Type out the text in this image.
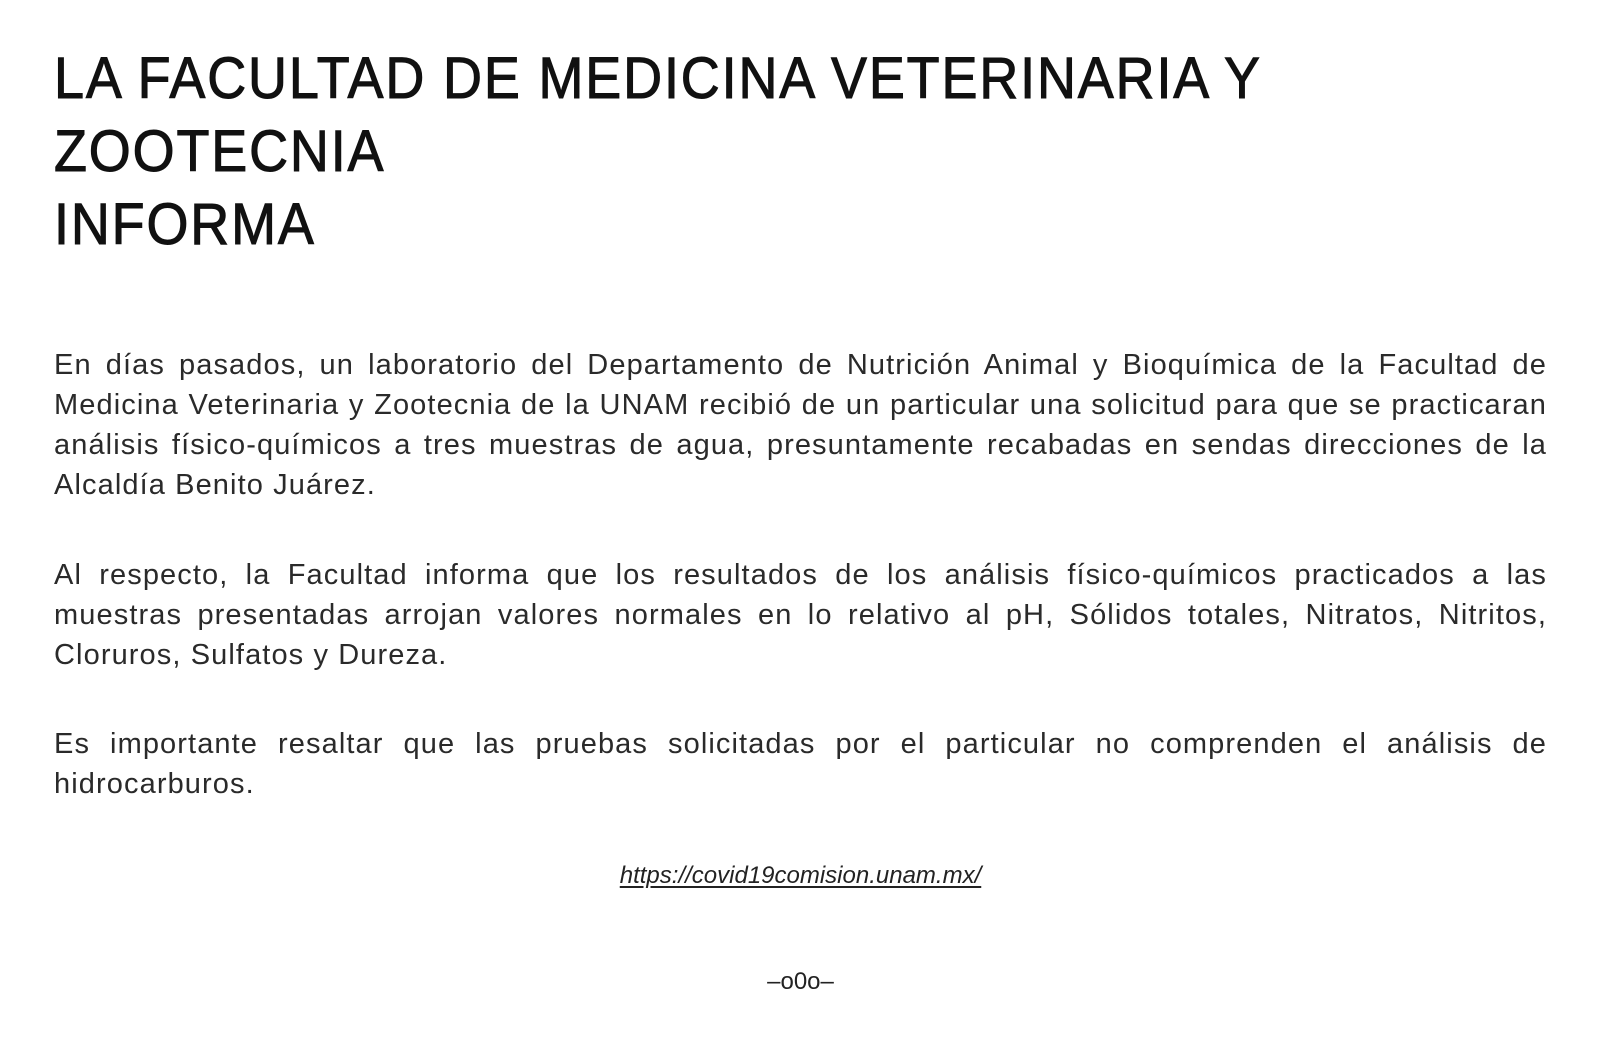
LA FACULTAD DE MEDICINA VETERINARIA Y
ZOOTECNIA
INFORMA

En días pasados, un laboratorio del Departamento de Nutrición Animal y Bioquímica de la Facultad de Medicina Veterinaria y Zootecnia de la UNAM recibió de un particular una solicitud para que se practicaran análisis físico-químicos a tres muestras de agua, presuntamente recabadas en sendas direcciones de la Alcaldía Benito Juárez.

Al respecto, la Facultad informa que los resultados de los análisis físico-químicos practicados a las muestras presentadas arrojan valores normales en lo relativo al pH, Sólidos totales, Nitratos, Nitritos, Cloruros, Sulfatos y Dureza.

Es importante resaltar que las pruebas solicitadas por el particular no comprenden el análisis de hidrocarburos.

https://covid19comision.unam.mx/
–o0o–
